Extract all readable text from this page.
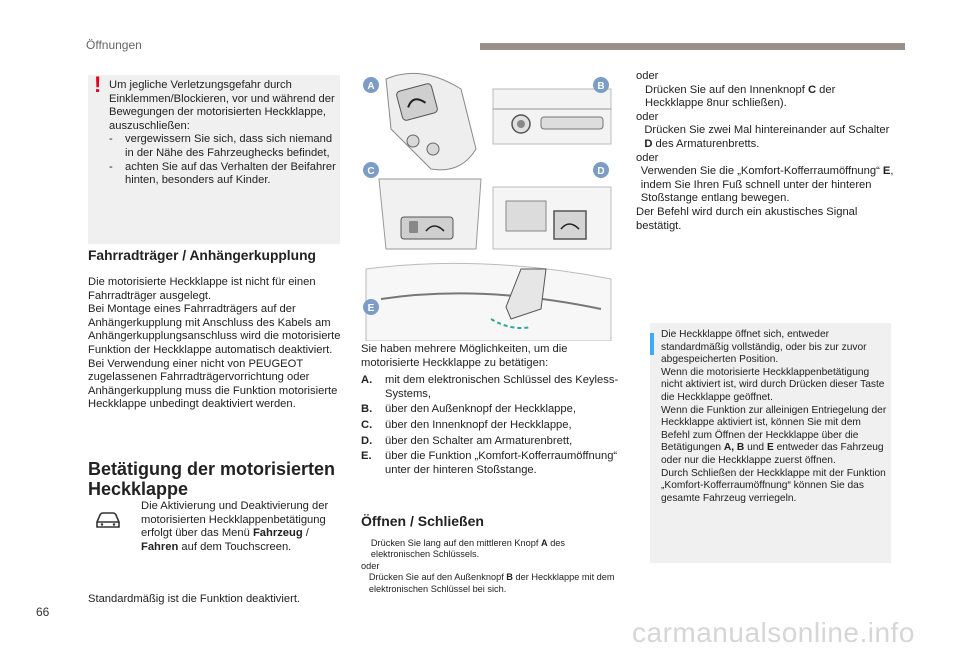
Öffnungen
! Um jegliche Verletzungsgefahr durch Einklemmen/Blockieren, vor und während der Bewegungen der motorisierten Heckklappe, auszuschließen:
-	vergewissern Sie sich, dass sich niemand in der Nähe des Fahrzeughecks befindet,
-	achten Sie auf das Verhalten der Beifahrer hinten, besonders auf Kinder.
Fahrradträger / Anhängerkupplung
Die motorisierte Heckklappe ist nicht für einen Fahrradträger ausgelegt.
Bei Montage eines Fahrradträgers auf der Anhängerkupplung mit Anschluss des Kabels am Anhängerkupplungsanschluss wird die motorisierte Funktion der Heckklappe automatisch deaktiviert.
Bei Verwendung einer nicht von PEUGEOT zugelassenen Fahrradträgervorrichtung oder Anhängerkupplung muss die Funktion motorisierte Heckklappe unbedingt deaktiviert werden.
Betätigung der motorisierten Heckklappe
Die Aktivierung und Deaktivierung der motorisierten Heckklappenbetätigung erfolgt über das Menü Fahrzeug / Fahren auf dem Touchscreen.
Standardmäßig ist die Funktion deaktiviert.
A	B
C	D
E
Sie haben mehrere Möglichkeiten, um die motorisierte Heckklappe zu betätigen:
A.	mit dem elektronischen Schlüssel des Keyless-Systems,
B.	über den Außenknopf der Heckklappe,
C.	über den Innenknopf der Heckklappe,
D.	über den Schalter am Armaturenbrett,
E.	über die Funktion „Komfort-Kofferraumöffnung“ unter der hinteren Stoßstange.
Öffnen / Schließen
Drücken Sie lang auf den mittleren Knopf A des elektronischen Schlüssels.
oder
Drücken Sie auf den Außenknopf B der Heckklappe mit dem elektronischen Schlüssel bei sich.
oder
Drücken Sie auf den Innenknopf C der Heckklappe 8nur schließen).
oder
Drücken Sie zwei Mal hintereinander auf Schalter D des Armaturenbretts.
oder
Verwenden Sie die „Komfort-Kofferraumöffnung“ E, indem Sie Ihren Fuß schnell unter der hinteren Stoßstange entlang bewegen.
Der Befehl wird durch ein akustisches Signal bestätigt.
Die Heckklappe öffnet sich, entweder standardmäßig vollständig, oder bis zur zuvor abgespeicherten Position.
Wenn die motorisierte Heckklappenbetätigung nicht aktiviert ist, wird durch Drücken dieser Taste die Heckklappe geöffnet.
Wenn die Funktion zur alleinigen Entriegelung der Heckklappe aktiviert ist, können Sie mit dem Befehl zum Öffnen der Heckklappe über die Betätigungen A, B und E entweder das Fahrzeug oder nur die Heckklappe zuerst öffnen.
Durch Schließen der Heckklappe mit der Funktion „Komfort-Kofferraumöffnung“ können Sie das gesamte Fahrzeug verriegeln.
66
carmanualsonline.info
